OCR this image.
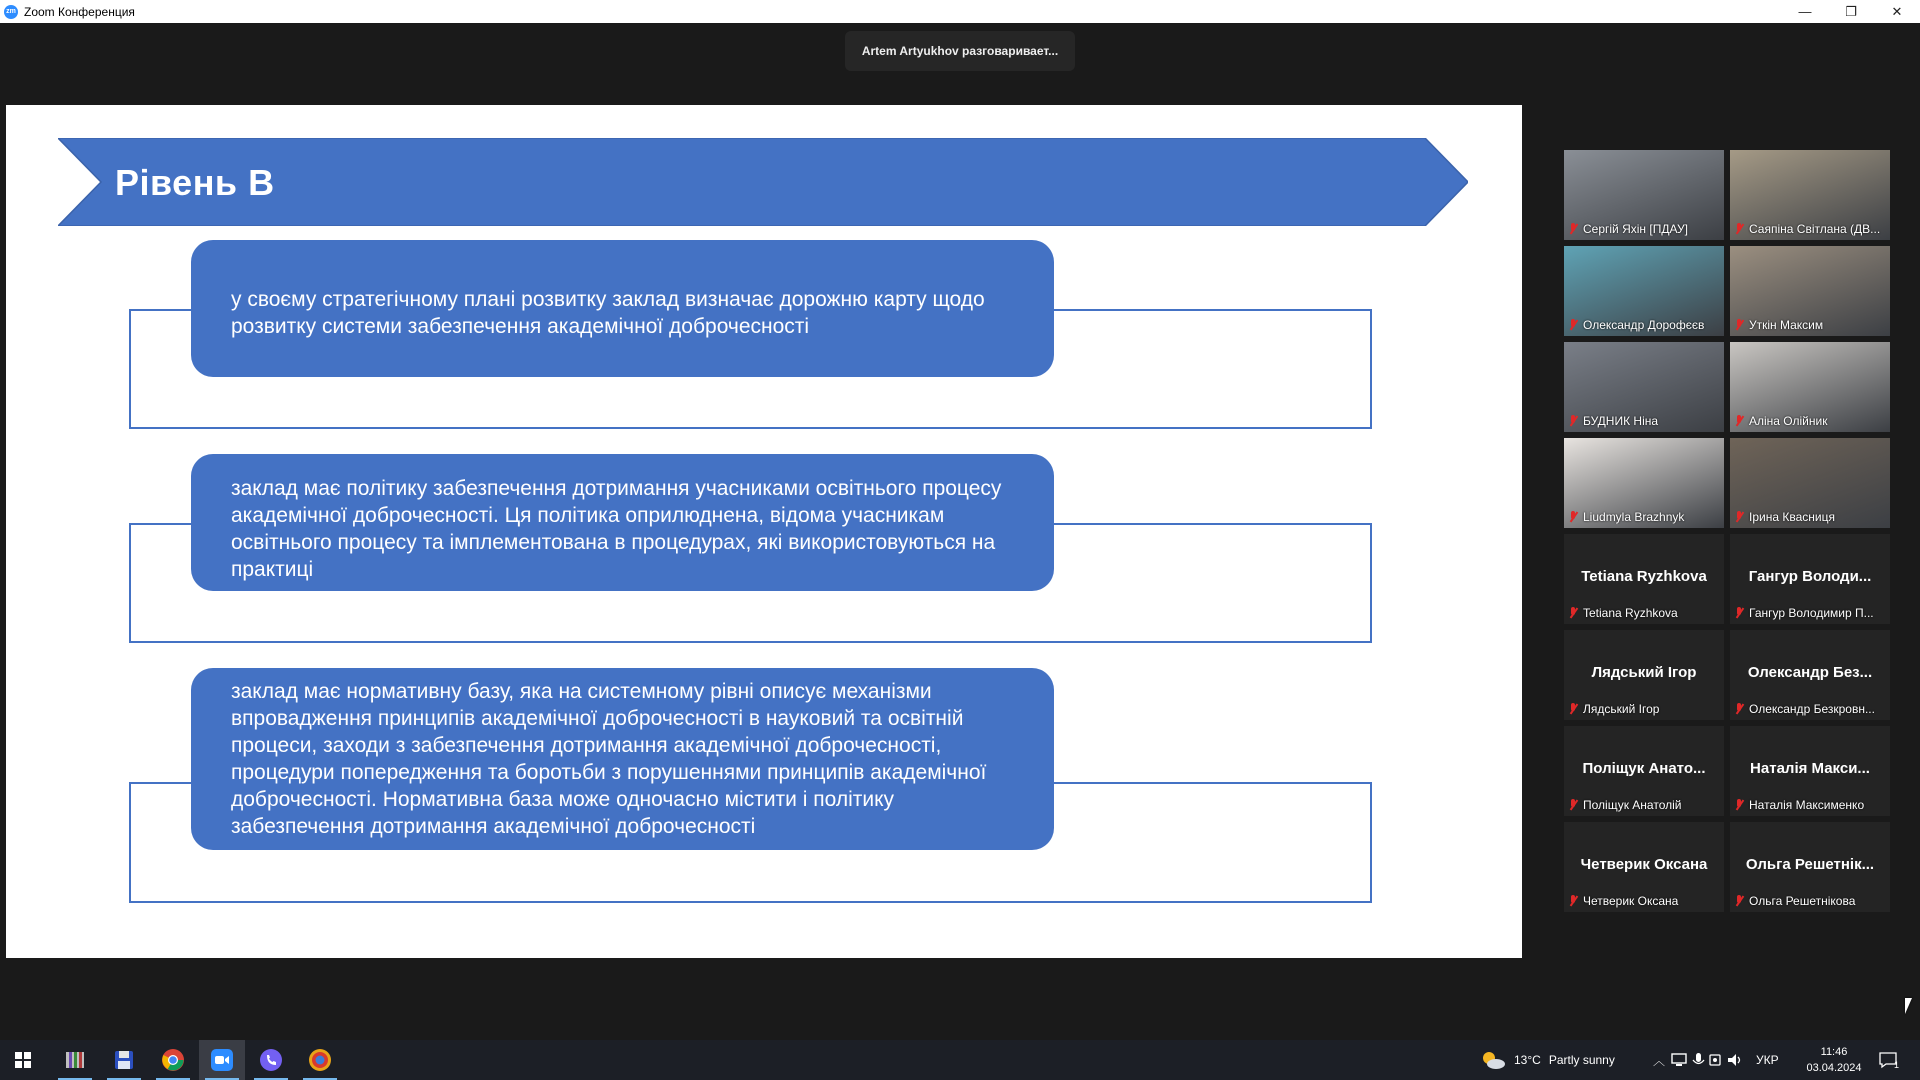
zm Zoom Конференция	—	❐	✕
Artem Artyukhov разговаривает...
Рівень B
у своєму стратегічному плані розвитку заклад визначає дорожню карту щодо розвитку системи забезпечення академічної доброчесності
заклад має політику забезпечення дотримання учасниками освітнього процесу академічної доброчесності. Ця політика оприлюднена, відома учасникам освітнього процесу та імплементована в процедурах, які використовуються на практиці
заклад має нормативну базу, яка на системному рівні описує механізми впровадження принципів академічної доброчесності в науковий та освітній процеси, заходи з забезпечення дотримання академічної доброчесності, процедури попередження та боротьби з порушеннями принципів академічної доброчесності. Нормативна база може одночасно містити і політику забезпечення дотримання академічної доброчесності
Сергій Яхін [ПДАУ]	Саяпіна Світлана (ДВ...
Олександр Дорофєєв	Уткін Максим
БУДНИК Ніна	Аліна Олійник
Liudmyla Brazhnyk	Ірина Квасниця
Tetiana Ryzhkova
Tetiana Ryzhkova
Гангур Володи...
Гангур Володимир П...
Лядський Ігор
Лядський Ігор
Олександр Без...
Олександр Безкровн...
Поліщук Анато...
Поліщук Анатолій
Наталія Макси...
Наталія Максименко
Четверик Оксана
Четверик Оксана
Ольга Решетнік...
Ольга Решетнікова
13°C Partly sunny	︿	УКР
11:46
03.04.2024	1
